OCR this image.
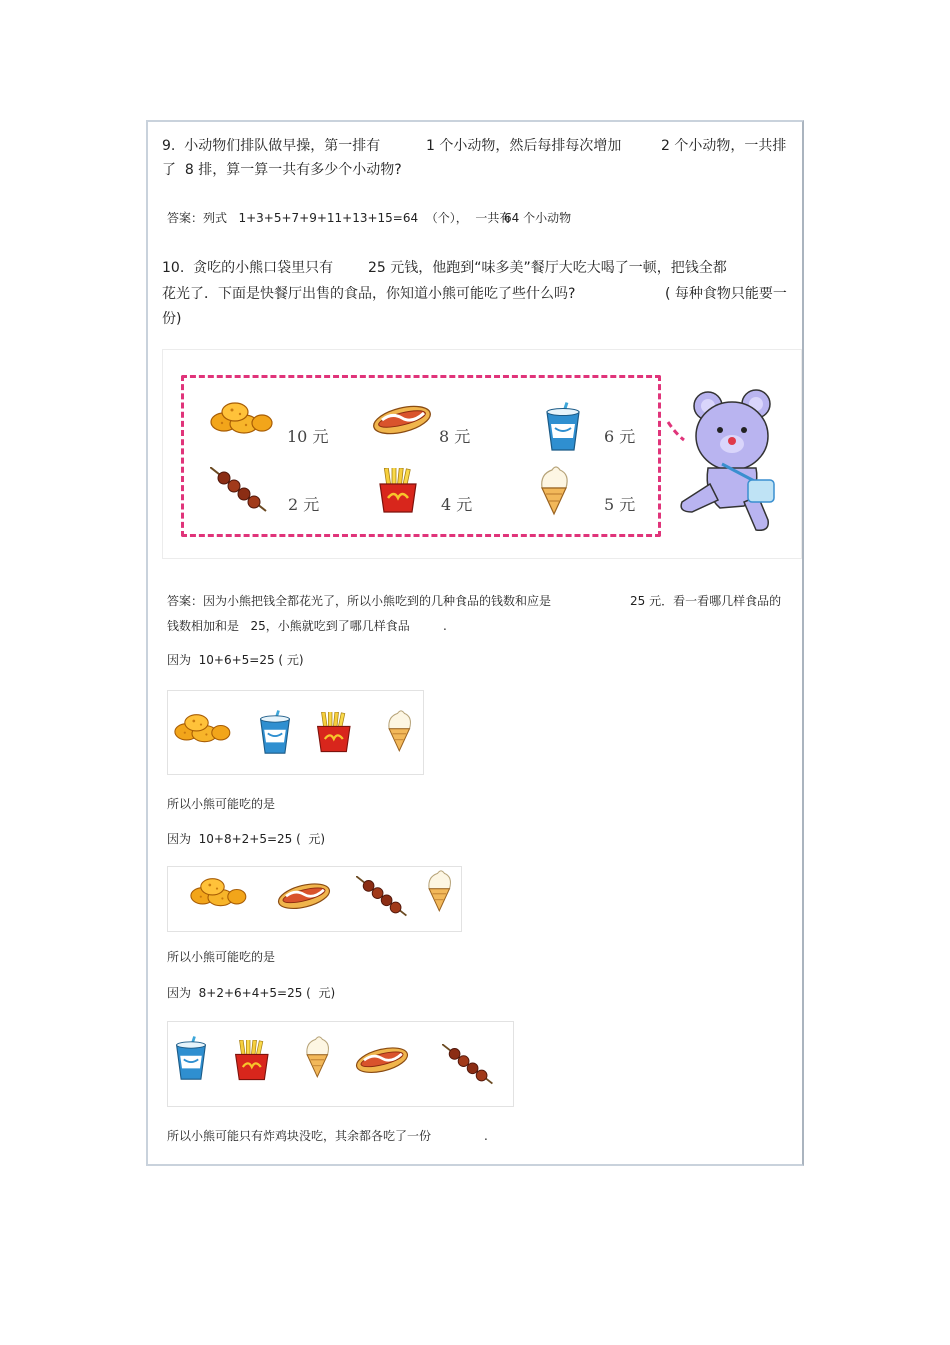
9.  小动物们排队做早操，第一排有	1 个小动物，然后每排每次增加	2 个小动物，一共排
了  8 排，算一算一共有多少个小动物?
答案：列式   1+3+5+7+9+11+13+15=64  （个），  一共有
64 个小动物
10.  贪吃的小熊口袋里只有 25 元钱，他跑到“味多美”餐厅大吃大喝了一顿，把钱全都
花光了．下面是快餐厅出售的食品，你知道小熊可能吃了些什么吗?	( 每种食物只能要一
份)
10 元	8 元	6 元
2 元	4 元	5 元
答案：因为小熊把钱全都花光了，所以小熊吃到的几种食品的钱数和应是	25 元．看一看哪几样食品的
钱数相加和是   25，小熊就吃到了哪几样食品	.
因为  10+6+5=25 ( 元)
所以小熊可能吃的是
因为  10+8+2+5=25 (  元)
所以小熊可能吃的是
因为  8+2+6+4+5=25 (  元)
所以小熊可能只有炸鸡块没吃，其余都各吃了一份	.
